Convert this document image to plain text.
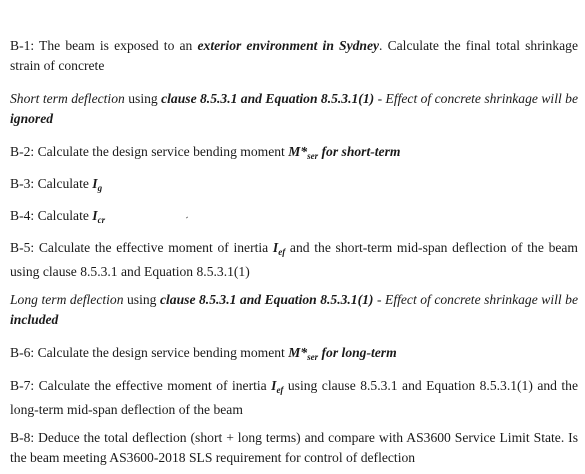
B-1: The beam is exposed to an exterior environment in Sydney. Calculate the final total shrinkage strain of concrete

Short term deflection using clause 8.5.3.1 and Equation 8.5.3.1(1) - Effect of concrete shrinkage will be ignored

B-2: Calculate the design service bending moment $M*_{ser}$ for short-term

B-3: Calculate $I_g$

B-4: Calculate $I_{cr}$

B-5: Calculate the effective moment of inertia $I_{ef}$ and the short-term mid-span deflection of the beam using clause 8.5.3.1 and Equation 8.5.3.1(1)

Long term deflection using clause 8.5.3.1 and Equation 8.5.3.1(1) - Effect of concrete shrinkage will be included

B-6: Calculate the design service bending moment $M*_{ser}$ for long-term

B-7: Calculate the effective moment of inertia $I_{ef}$ using clause 8.5.3.1 and Equation 8.5.3.1(1) and the long-term mid-span deflection of the beam

B-8: Deduce the total deflection (short + long terms) and compare with AS3600 Service Limit State. Is the beam meeting AS3600-2018 SLS requirement for control of deflection
